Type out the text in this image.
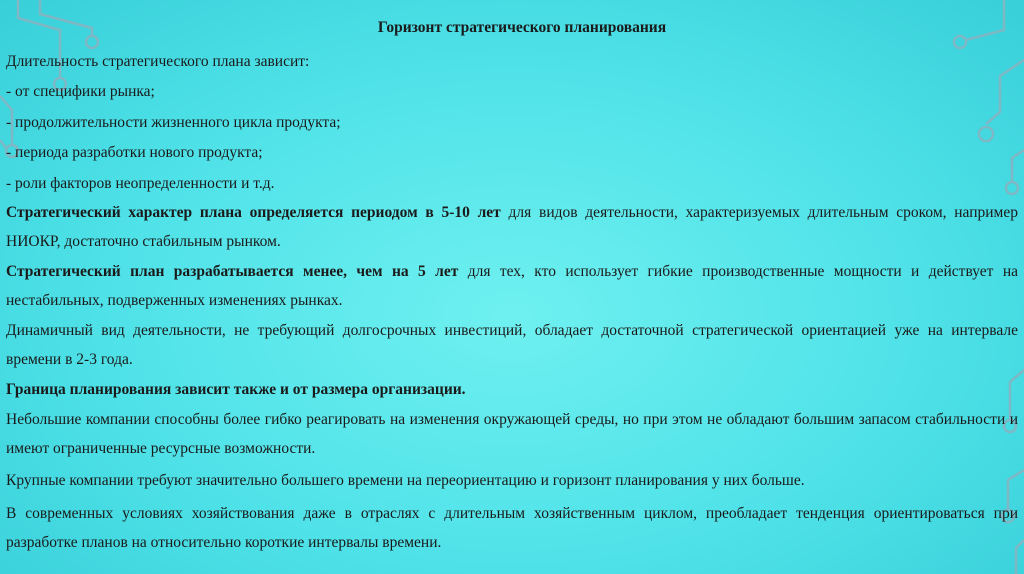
Горизонт стратегического планирования
Длительность стратегического плана зависит:
- от специфики рынка;
- продолжительности жизненного цикла продукта;
- периода разработки нового продукта;
- роли факторов неопределенности и т.д.
Стратегический характер плана определяется периодом в 5-10 лет для видов деятельности, характеризуемых длительным сроком, например НИОКР, достаточно стабильным рынком.
Стратегический план разрабатывается менее, чем на 5 лет для тех, кто использует гибкие производственные мощности и действует на нестабильных, подверженных изменениях рынках.
Динамичный вид деятельности, не требующий долгосрочных инвестиций, обладает достаточной стратегической ориентацией уже на интервале времени в 2-3 года.
Граница планирования зависит также и от размера организации.
Небольшие компании способны более гибко реагировать на изменения окружающей среды, но при этом не обладают большим запасом стабильности и имеют ограниченные ресурсные возможности.
Крупные компании требуют значительно большего времени на переориентацию и горизонт планирования у них больше.
В современных условиях хозяйствования даже в отраслях с длительным хозяйственным циклом, преобладает тенденция ориентироваться при разработке планов на относительно короткие интервалы времени.
